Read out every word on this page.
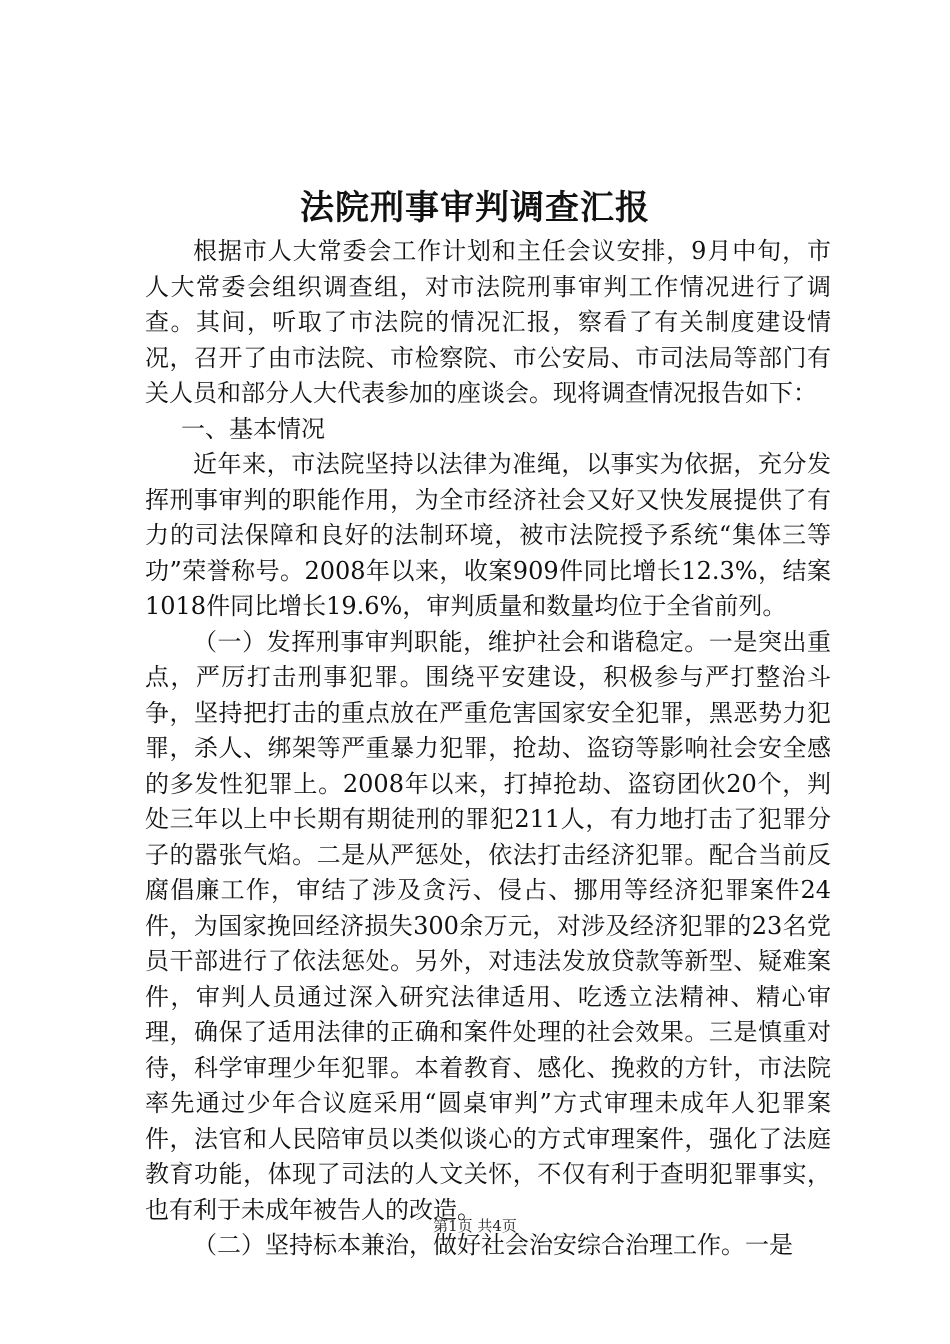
法院刑事审判调查汇报

根据市人大常委会工作计划和主任会议安排，9月中旬，市人大常委会组织调查组，对市法院刑事审判工作情况进行了调查。其间，听取了市法院的情况汇报，察看了有关制度建设情况，召开了由市法院、市检察院、市公安局、市司法局等部门有关人员和部分人大代表参加的座谈会。现将调查情况报告如下：

一、基本情况

近年来，市法院坚持以法律为准绳，以事实为依据，充分发挥刑事审判的职能作用，为全市经济社会又好又快发展提供了有力的司法保障和良好的法制环境，被市法院授予系统“集体三等功”荣誉称号。2008年以来，收案909件同比增长12.3%，结案1018件同比增长19.6%，审判质量和数量均位于全省前列。

（一）发挥刑事审判职能，维护社会和谐稳定。一是突出重点，严厉打击刑事犯罪。围绕平安建设，积极参与严打整治斗争，坚持把打击的重点放在严重危害国家安全犯罪，黑恶势力犯罪，杀人、绑架等严重暴力犯罪，抢劫、盗窃等影响社会安全感的多发性犯罪上。2008年以来，打掉抢劫、盗窃团伙20个，判处三年以上中长期有期徒刑的罪犯211人，有力地打击了犯罪分子的嚣张气焰。二是从严惩处，依法打击经济犯罪。配合当前反腐倡廉工作，审结了涉及贪污、侵占、挪用等经济犯罪案件24件，为国家挽回经济损失300余万元，对涉及经济犯罪的23名党员干部进行了依法惩处。另外，对违法发放贷款等新型、疑难案件，审判人员通过深入研究法律适用、吃透立法精神、精心审理，确保了适用法律的正确和案件处理的社会效果。三是慎重对待，科学审理少年犯罪。本着教育、感化、挽救的方针，市法院率先通过少年合议庭采用“圆桌审判”方式审理未成年人犯罪案件，法官和人民陪审员以类似谈心的方式审理案件，强化了法庭教育功能，体现了司法的人文关怀，不仅有利于查明犯罪事实，也有利于未成年被告人的改造。

（二）坚持标本兼治，做好社会治安综合治理工作。一是

第1页 共4页
